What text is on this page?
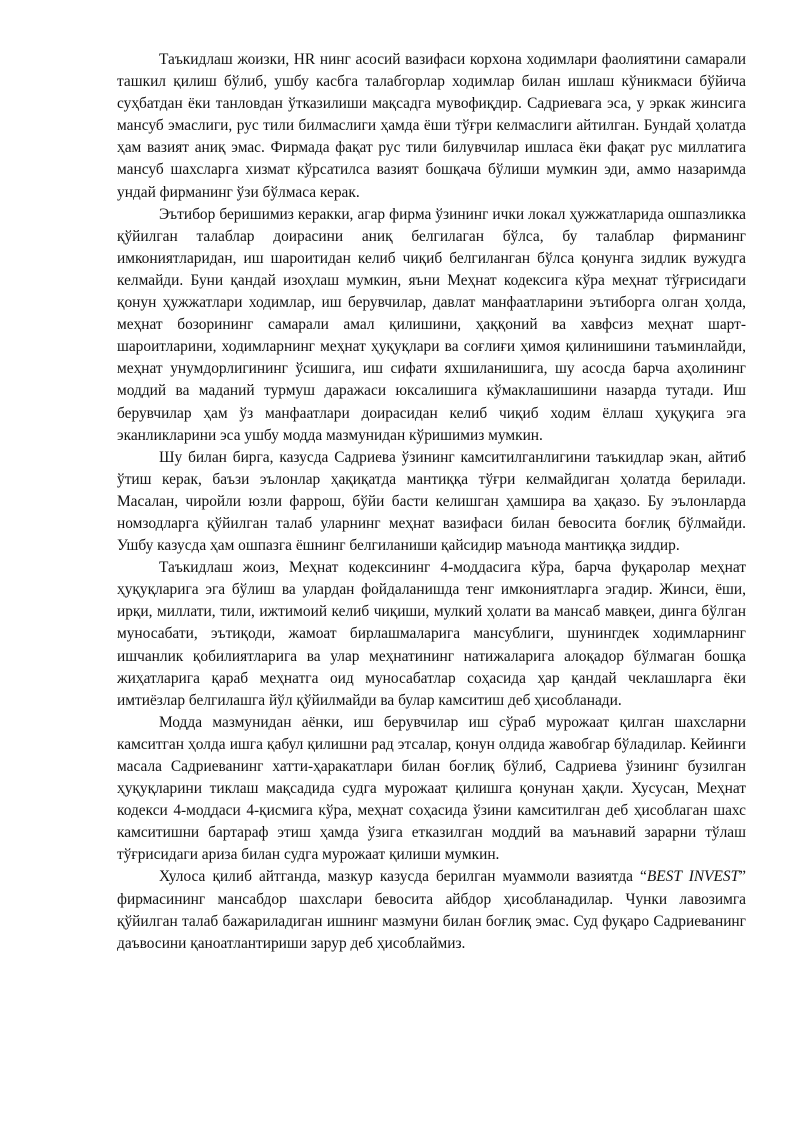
Таъкидлаш жоизки, HR нинг асосий вазифаси корхона ходимлари фаолиятини самарали ташкил қилиш бўлиб, ушбу касбга талабгорлар ходимлар билан ишлаш кўникмаси бўйича суҳбатдан ёки танловдан ўтказилиши мақсадга мувофиқдир. Садриевага эса, у эркак жинсига мансуб эмаслиги, рус тили билмаслиги ҳамда ёши тўғри келмаслиги айтилган. Бундай ҳолатда ҳам вазият аниқ эмас. Фирмада фақат рус тили билувчилар ишласа ёки фақат рус миллатига мансуб шахсларга хизмат кўрсатилса вазият бошқача бўлиши мумкин эди, аммо назаримда ундай фирманинг ўзи бўлмаса керак.

Эътибор беришимиз керакки, агар фирма ўзининг ички локал ҳужжатларида ошпазликка қўйилган талаблар доирасини аниқ белгилаган бўлса, бу талаблар фирманинг имкониятларидан, иш шароитидан келиб чиқиб белгиланган бўлса қонунга зидлик вужудга келмайди. Буни қандай изоҳлаш мумкин, яъни Меҳнат кодексига кўра меҳнат тўғрисидаги қонун ҳужжатлари ходимлар, иш берувчилар, давлат манфаатларини эътиборга олган ҳолда, меҳнат бозорининг самарали амал қилишини, ҳаққоний ва хавфсиз меҳнат шарт-шароитларини, ходимларнинг меҳнат ҳуқуқлари ва соғлиғи ҳимоя қилинишини таъминлайди, меҳнат унумдорлигининг ўсишига, иш сифати яхшиланишига, шу асосда барча аҳолининг моддий ва маданий турмуш даражаси юксалишига кўмаклашишини назарда тутади. Иш берувчилар ҳам ўз манфаатлари доирасидан келиб чиқиб ходим ёллаш ҳуқуқига эга эканликларини эса ушбу модда мазмунидан кўришимиз мумкин.

Шу билан бирга, казусда Садриева ўзининг камситилганлигини таъкидлар экан, айтиб ўтиш керак, баъзи эълонлар ҳақиқатда мантиққа тўғри келмайдиган ҳолатда берилади. Масалан, чиройли юзли фаррош, бўйи басти келишган ҳамшира ва ҳақазо. Бу эълонларда номзодларга қўйилган талаб уларнинг меҳнат вазифаси билан бевосита боғлиқ бўлмайди. Ушбу казусда ҳам ошпазга ёшнинг белгиланиши қайсидир маънода мантиққа зиддир.

Таъкидлаш жоиз, Меҳнат кодексининг 4-моддасига кўра, барча фуқаролар меҳнат ҳуқуқларига эга бўлиш ва улардан фойдаланишда тенг имкониятларга эгадир. Жинси, ёши, ирқи, миллати, тили, ижтимоий келиб чиқиши, мулкий ҳолати ва мансаб мавқеи, динга бўлган муносабати, эътиқоди, жамоат бирлашмаларига мансублиги, шунингдек ходимларнинг ишчанлик қобилиятларига ва улар меҳнатининг натижаларига алоқадор бўлмаган бошқа жиҳатларига қараб меҳнатга оид муносабатлар соҳасида ҳар қандай чеклашларга ёки имтиёзлар белгилашга йўл қўйилмайди ва булар камситиш деб ҳисобланади.

Модда мазмунидан аёнки, иш берувчилар иш сўраб мурожаат қилган шахсларни камситган ҳолда ишга қабул қилишни рад этсалар, қонун олдида жавобгар бўладилар. Кейинги масала Садриеванинг хатти-ҳаракатлари билан боғлиқ бўлиб, Садриева ўзининг бузилган ҳуқуқларини тиклаш мақсадида судга мурожаат қилишга қонунан ҳақли. Хусусан, Меҳнат кодекси 4-моддаси 4-қисмига кўра, меҳнат соҳасида ўзини камситилган деб ҳисоблаган шахс камситишни бартараф этиш ҳамда ўзига етказилган моддий ва маънавий зарарни тўлаш тўғрисидаги ариза билан судга мурожаат қилиши мумкин.

Хулоса қилиб айтганда, мазкур казусда берилган муаммоли вазиятда “BEST INVEST” фирмасининг мансабдор шахслари бевосита айбдор ҳисобланадилар. Чунки лавозимга қўйилган талаб бажариладиган ишнинг мазмуни билан боғлиқ эмас. Суд фуқаро Садриеванинг даъвосини қаноатлантириши зарур деб ҳисоблаймиз.
